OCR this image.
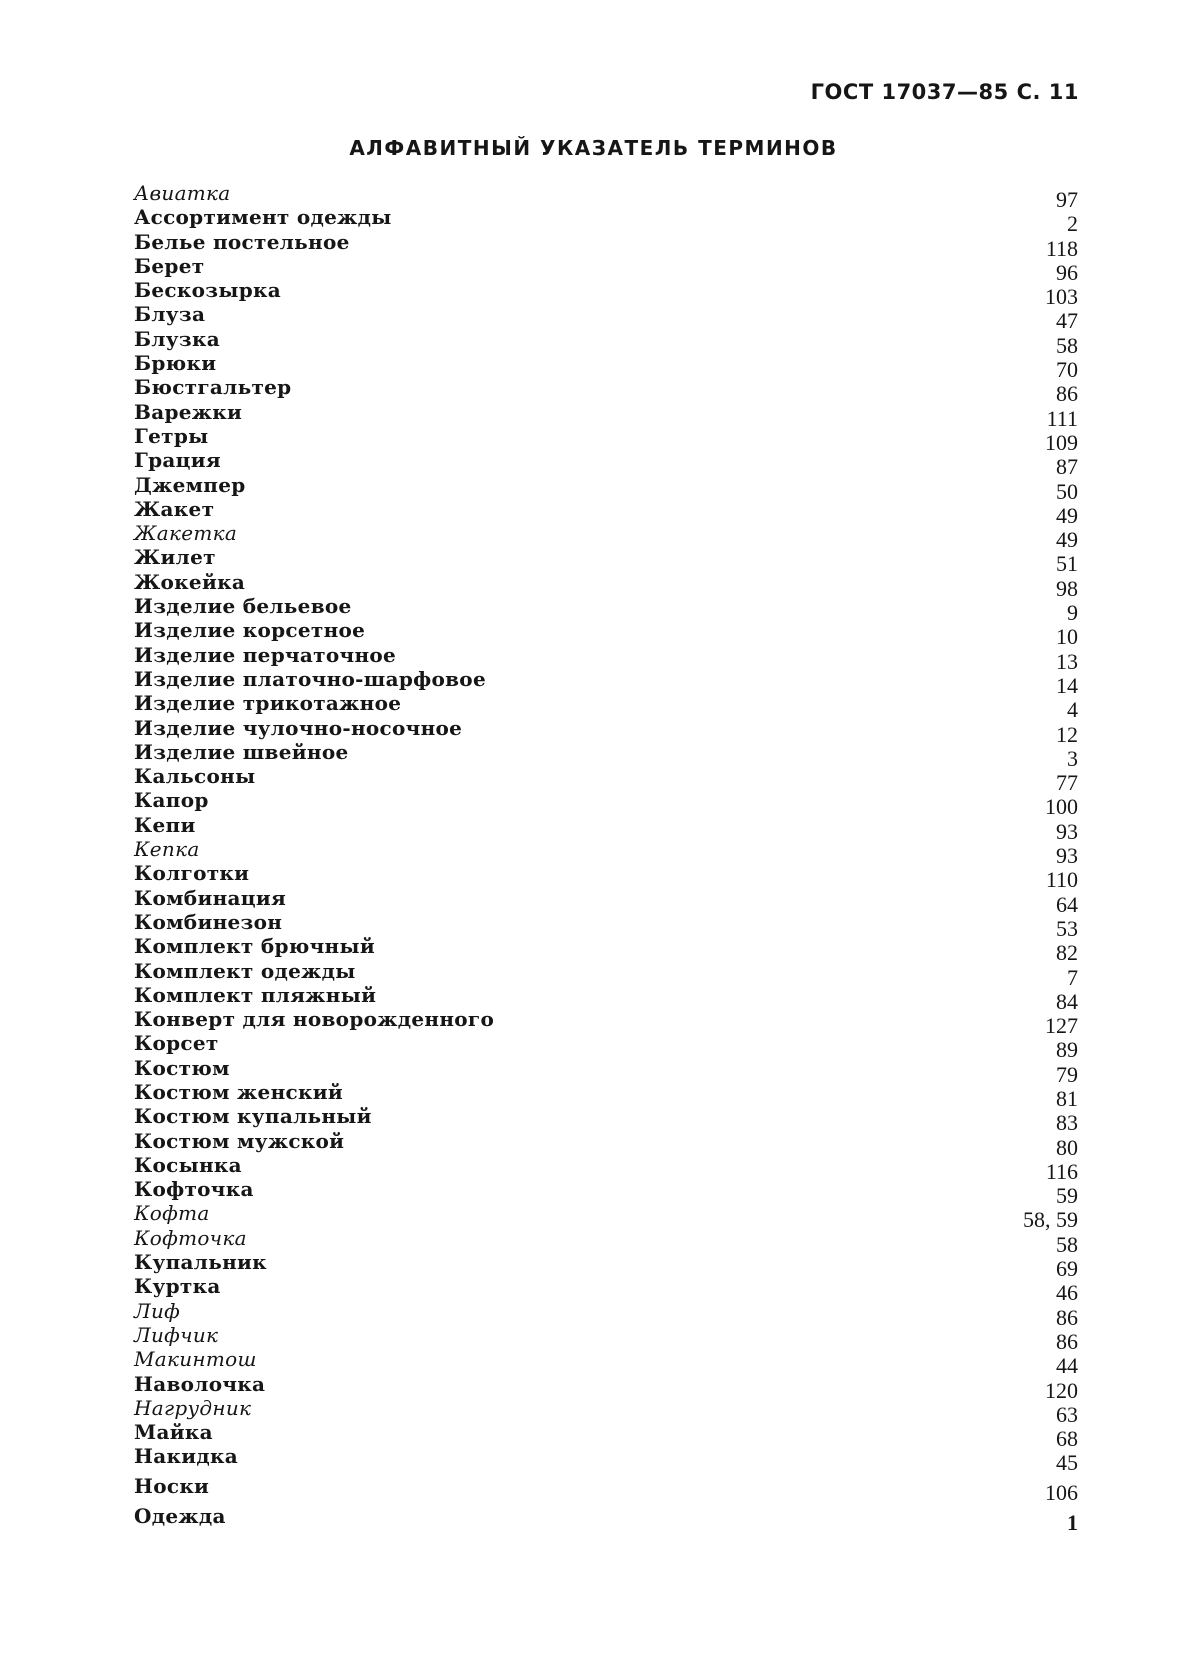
ГОСТ 17037—85 С. 11
АЛФАВИТНЫЙ УКАЗАТЕЛЬ ТЕРМИНОВ
Авиатка	97
Ассортимент одежды	2
Белье постельное	118
Берет	96
Бескозырка	103
Блуза	47
Блузка	58
Брюки	70
Бюстгальтер	86
Варежки	111
Гетры	109
Грация	87
Джемпер	50
Жакет	49
Жакетка	49
Жилет	51
Жокейка	98
Изделие бельевое	9
Изделие корсетное	10
Изделие перчаточное	13
Изделие платочно-шарфовое	14
Изделие трикотажное	4
Изделие чулочно-носочное	12
Изделие швейное	3
Кальсоны	77
Капор	100
Кепи	93
Кепка	93
Колготки	110
Комбинация	64
Комбинезон	53
Комплект брючный	82
Комплект одежды	7
Комплект пляжный	84
Конверт для новорожденного	127
Корсет	89
Костюм	79
Костюм женский	81
Костюм купальный	83
Костюм мужской	80
Косынка	116
Кофточка	59
Кофта	58, 59
Кофточка	58
Купальник	69
Куртка	46
Лиф	86
Лифчик	86
Макинтош	44
Наволочка	120
Нагрудник	63
Майка	68
Накидка	45
Носки	106
Одежда	1
